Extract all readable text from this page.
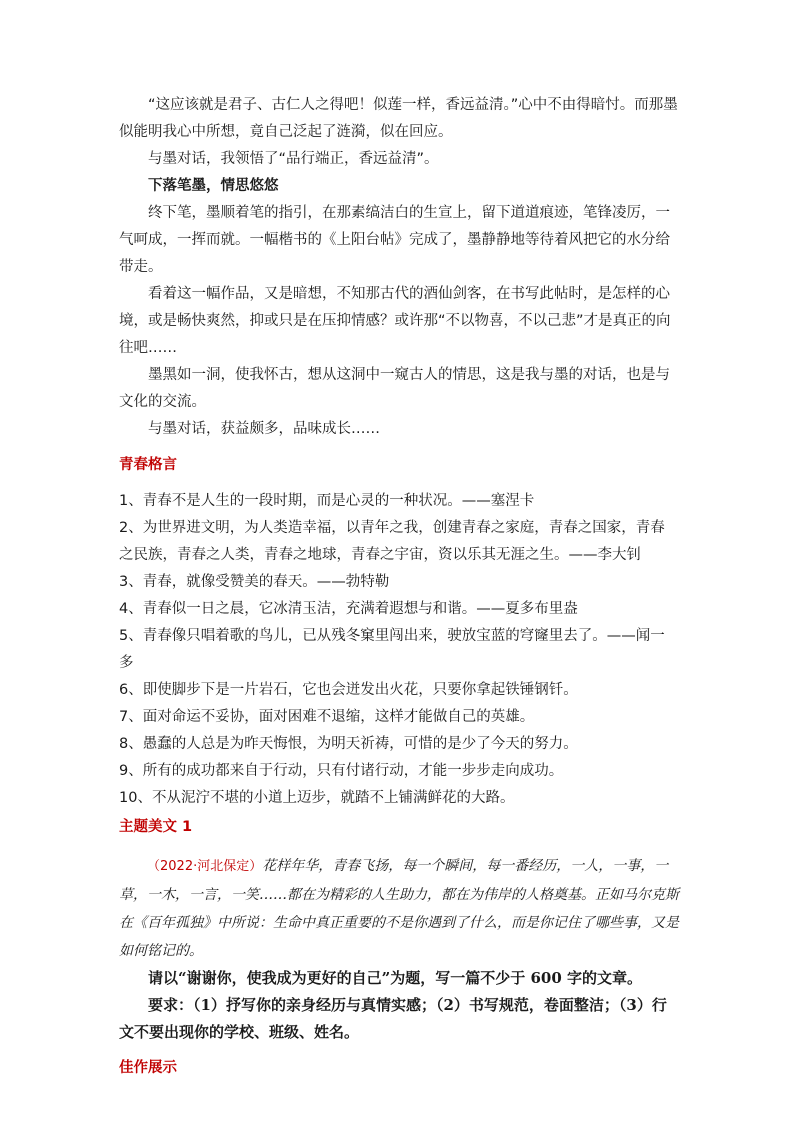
“这应该就是君子、古仁人之得吧！似莲一样，香远益清。”心中不由得暗忖。而那墨似能明我心中所想，竟自己泛起了涟漪，似在回应。

与墨对话，我领悟了“品行端正，香远益清”。

下落笔墨，情思悠悠

终下笔，墨顺着笔的指引，在那素缟洁白的生宣上，留下道道痕迹，笔锋凌厉，一气呵成，一挥而就。一幅楷书的《上阳台帖》完成了，墨静静地等待着风把它的水分给带走。

看着这一幅作品，又是暗想，不知那古代的酒仙剑客，在书写此帖时，是怎样的心境，或是畅快爽然，抑或只是在压抑情感？或许那“不以物喜，不以己悲”才是真正的向往吧……

墨黑如一洞，使我怀古，想从这洞中一窥古人的情思，这是我与墨的对话，也是与文化的交流。

与墨对话，获益颇多，品味成长……

青春格言

1、青春不是人生的一段时期，而是心灵的一种状况。——塞涅卡

2、为世界进文明，为人类造幸福，以青年之我，创建青春之家庭，青春之国家，青春之民族，青春之人类，青春之地球，青春之宇宙，资以乐其无涯之生。——李大钊

3、青春，就像受赞美的春天。——勃特勒

4、青春似一日之晨，它冰清玉洁，充满着遐想与和谐。——夏多布里盎

5、青春像只唱着歌的鸟儿，已从残冬窠里闯出来，驶放宝蓝的穹窿里去了。——闻一多

6、即使脚步下是一片岩石，它也会迸发出火花，只要你拿起铁锤钢钎。

7、面对命运不妥协，面对困难不退缩，这样才能做自己的英雄。

8、愚蠢的人总是为昨天悔恨，为明天祈祷，可惜的是少了今天的努力。

9、所有的成功都来自于行动，只有付诸行动，才能一步步走向成功。

10、不从泥泞不堪的小道上迈步，就踏不上铺满鲜花的大路。

主题美文 1

（2022·河北保定）花样年华，青春飞扬，每一个瞬间，每一番经历，一人，一事，一草，一木，一言，一笑……都在为精彩的人生助力，都在为伟岸的人格奠基。正如马尔克斯在《百年孤独》中所说：生命中真正重要的不是你遇到了什么，而是你记住了哪些事，又是如何铭记的。

请以“谢谢你，使我成为更好的自己”为题，写一篇不少于 600 字的文章。

要求：（1）抒写你的亲身经历与真情实感；（2）书写规范，卷面整洁；（3）行文不要出现你的学校、班级、姓名。

佳作展示
